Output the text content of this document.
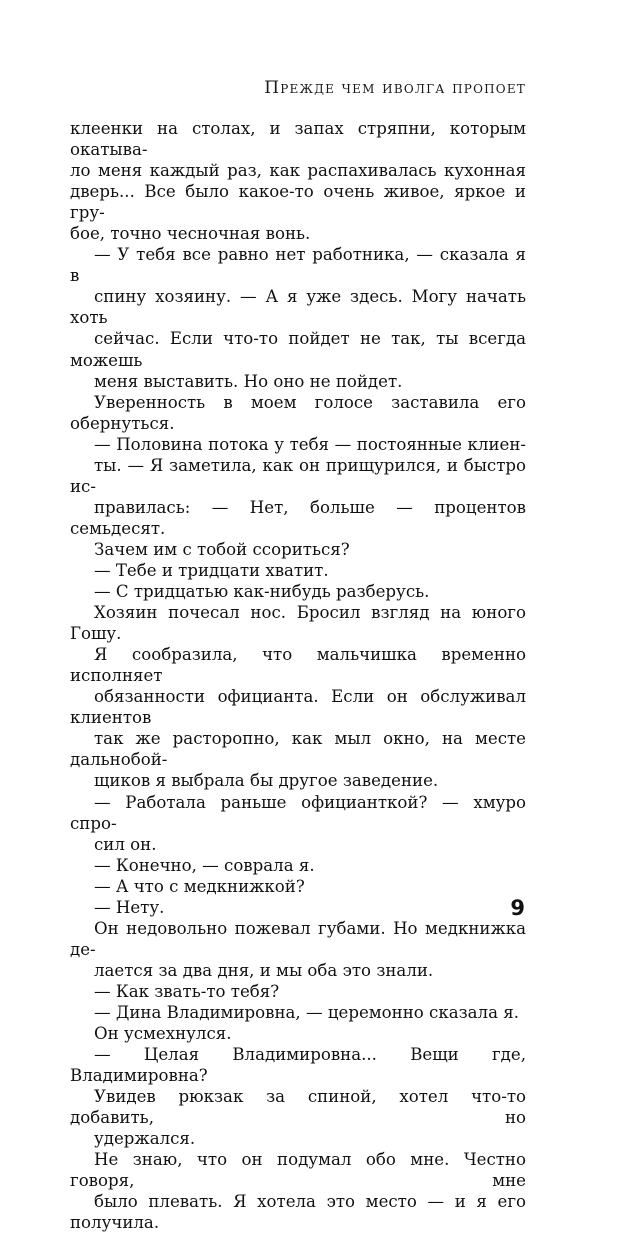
Прежде чем иволга пропоет

клеенки на столах, и запах стряпни, которым окатыва-
ло меня каждый раз, как распахивалась кухонная
дверь... Все было какое-то очень живое, яркое и гру-
бое, точно чесночная вонь.

— У тебя все равно нет работника, — сказала я в
спину хозяину. — А я уже здесь. Могу начать хоть
сейчас. Если что-то пойдет не так, ты всегда можешь
меня выставить. Но оно не пойдет.

Уверенность в моем голосе заставила его обернуться.

— Половина потока у тебя — постоянные клиен-
ты. — Я заметила, как он прищурился, и быстро ис-
правилась: — Нет, больше — процентов семьдесят.
Зачем им с тобой ссориться?

— Тебе и тридцати хватит.

— С тридцатью как-нибудь разберусь.

Хозяин почесал нос. Бросил взгляд на юного Гошу.
Я сообразила, что мальчишка временно исполняет
обязанности официанта. Если он обслуживал клиентов
так же расторопно, как мыл окно, на месте дальнобой-
щиков я выбрала бы другое заведение.

— Работала раньше официанткой? — хмуро спро-
сил он.

— Конечно, — соврала я.

— А что с медкнижкой?

— Нету.

Он недовольно пожевал губами. Но медкнижка де-
лается за два дня, и мы оба это знали.

— Как звать-то тебя?

— Дина Владимировна, — церемонно сказала я.

Он усмехнулся.

— Целая Владимировна... Вещи где, Владимировна?

Увидев рюкзак за спиной, хотел что-то добавить, но
удержался.

Не знаю, что он подумал обо мне. Честно говоря, мне
было плевать. Я хотела это место — и я его получила.

9
